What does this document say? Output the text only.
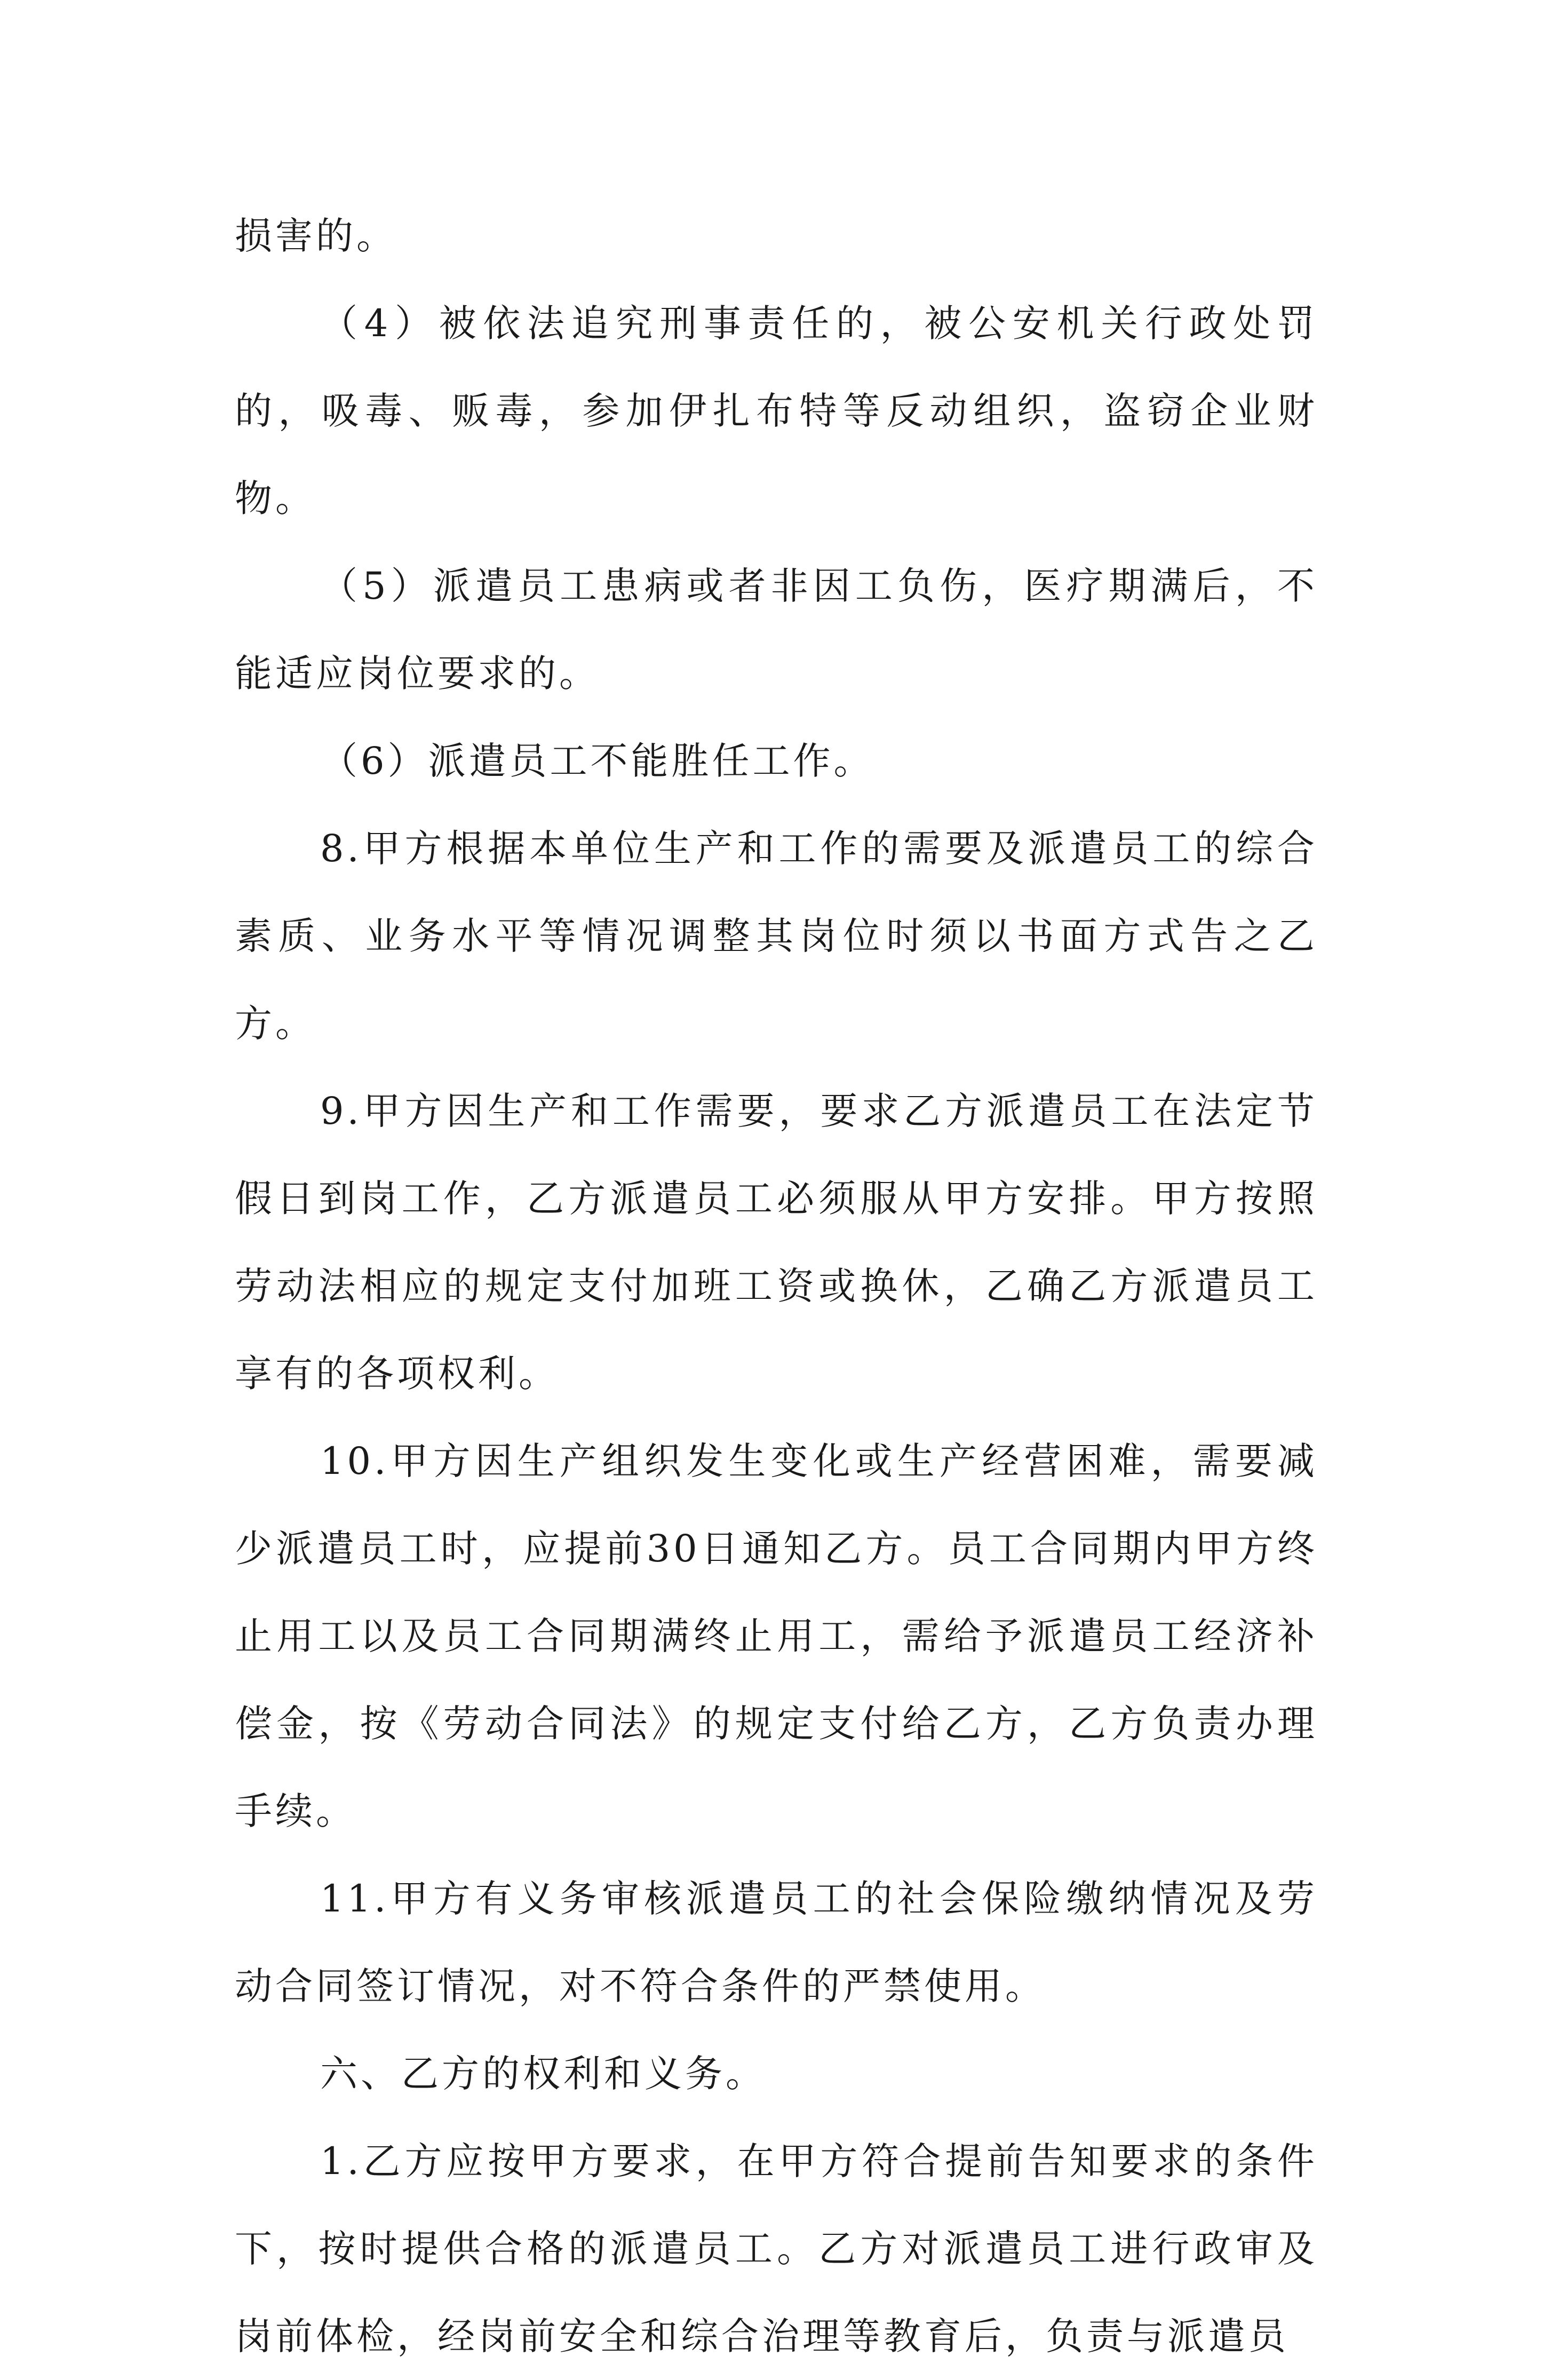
损害的。

（4）被依法追究刑事责任的，被公安机关行政处罚的，吸毒、贩毒，参加伊扎布特等反动组织，盗窃企业财物。

（5）派遣员工患病或者非因工负伤，医疗期满后，不能适应岗位要求的。

（6）派遣员工不能胜任工作。

8.甲方根据本单位生产和工作的需要及派遣员工的综合素质、业务水平等情况调整其岗位时须以书面方式告之乙方。

9.甲方因生产和工作需要，要求乙方派遣员工在法定节假日到岗工作，乙方派遣员工必须服从甲方安排。甲方按照劳动法相应的规定支付加班工资或换休，乙确乙方派遣员工享有的各项权利。

10.甲方因生产组织发生变化或生产经营困难，需要减少派遣员工时，应提前30日通知乙方。员工合同期内甲方终止用工以及员工合同期满终止用工，需给予派遣员工经济补偿金，按《劳动合同法》的规定支付给乙方，乙方负责办理手续。

11.甲方有义务审核派遣员工的社会保险缴纳情况及劳动合同签订情况，对不符合条件的严禁使用。

六、乙方的权利和义务。

1.乙方应按甲方要求，在甲方符合提前告知要求的条件下，按时提供合格的派遣员工。乙方对派遣员工进行政审及岗前体检，经岗前安全和综合治理等教育后，负责与派遣员
